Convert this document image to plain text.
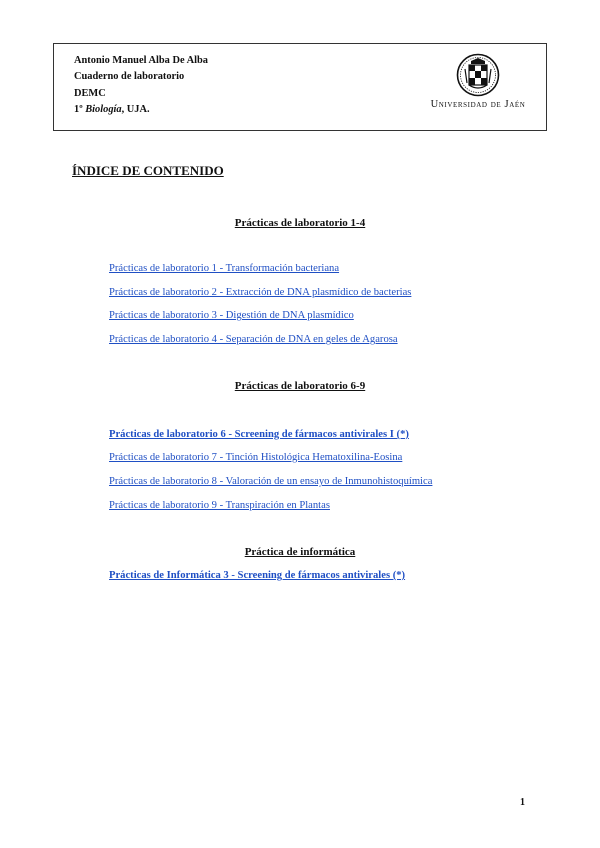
Antonio Manuel Alba De Alba
Cuaderno de laboratorio
DEMC
1º Biología, UJA.	Universidad de Jaén
ÍNDICE DE CONTENIDO
Prácticas de laboratorio 1-4
Prácticas de laboratorio 1 - Transformación bacteriana
Prácticas de laboratorio 2 - Extracción de DNA plasmídico de bacterias
Prácticas de laboratorio 3 - Digestión de DNA plasmídico
Prácticas de laboratorio 4 - Separación de DNA en geles de Agarosa
Prácticas de laboratorio 6-9
Prácticas de laboratorio 6 - Screening de fármacos antivirales I (*)
Prácticas de laboratorio 7 - Tinción Histológica Hematoxilina-Eosina
Prácticas de laboratorio 8 - Valoración de un ensayo de Inmunohistoquímica
Prácticas de laboratorio 9 - Transpiración en Plantas
Práctica de informática
Prácticas de Informática 3 - Screening de fármacos antivirales (*)
1
